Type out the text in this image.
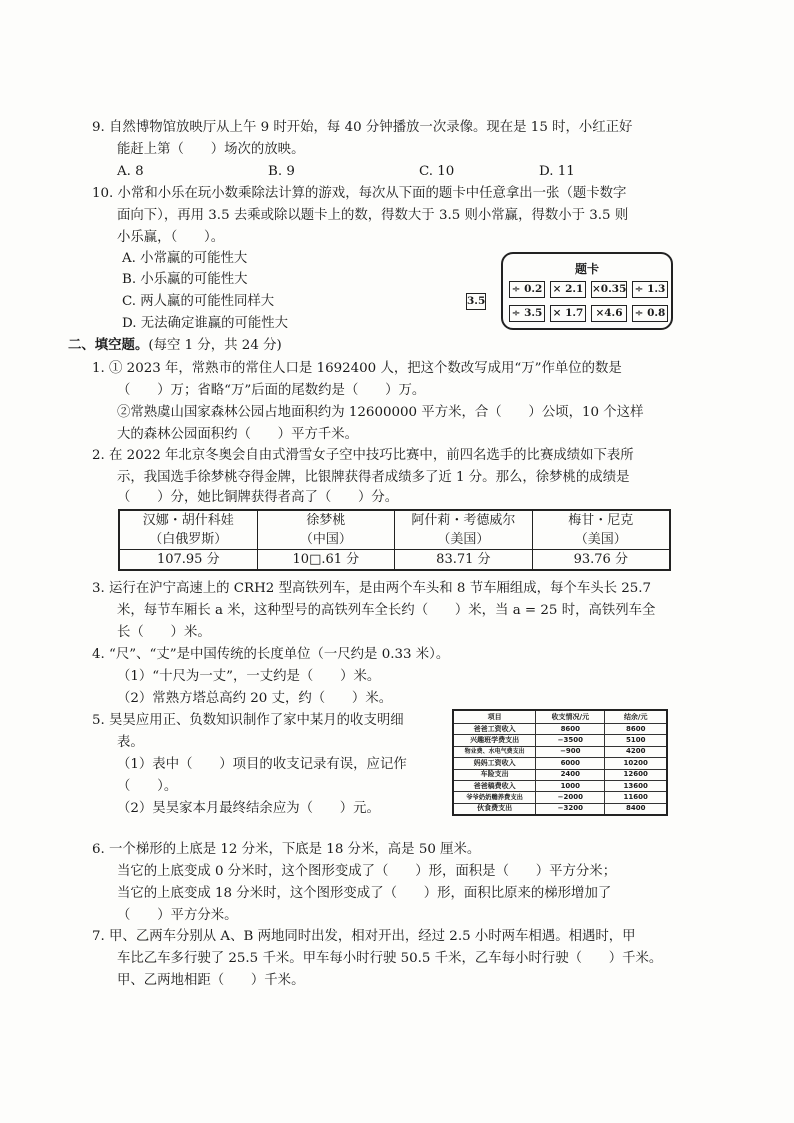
9. 自然博物馆放映厅从上午 9 时开始，每 40 分钟播放一次录像。现在是 15 时，小红正好
能赶上第（　　）场次的放映。
A. 8	B. 9	C. 10	D. 11
10. 小常和小乐在玩小数乘除法计算的游戏，每次从下面的题卡中任意拿出一张（题卡数字
面向下），再用 3.5 去乘或除以题卡上的数，得数大于 3.5 则小常赢，得数小于 3.5 则
小乐赢，（　　）。
A. 小常赢的可能性大
B. 小乐赢的可能性大
C. 两人赢的可能性同样大
D. 无法确定谁赢的可能性大
3.5
题卡
÷ 0.2 × 2.1 ×0.35 ÷ 1.3
÷ 3.5 × 1.7	×4.6	÷ 0.8
二、填空题。(每空 1 分，共 24 分)
1. ① 2023 年，常熟市的常住人口是 1692400 人，把这个数改写成用“万”作单位的数是
（　　）万；省略“万”后面的尾数约是（　　）万。
②常熟虞山国家森林公园占地面积约为 12600000 平方米，合（　　）公顷，10 个这样
大的森林公园面积约（　　）平方千米。
2. 在 2022 年北京冬奥会自由式滑雪女子空中技巧比赛中，前四名选手的比赛成绩如下表所
示，我国选手徐梦桃夺得金牌，比银牌获得者成绩多了近 1 分。那么，徐梦桃的成绩是
（　　）分，她比铜牌获得者高了（　　）分。
汉娜・胡什科娃	徐梦桃	阿什莉・考德威尔	梅甘・尼克
（白俄罗斯）	（中国）	（美国）	（美国）
107.95 分	10□.61 分	83.71 分	93.76 分
3. 运行在沪宁高速上的 CRH2 型高铁列车，是由两个车头和 8 节车厢组成，每个车头长 25.7
米，每节车厢长 a 米，这种型号的高铁列车全长约（　　）米，当 a = 25 时，高铁列车全
长（　　）米。
4. “尺”、“丈”是中国传统的长度单位（一尺约是 0.33 米）。
（1）“十尺为一丈”，一丈约是（　　）米。
（2）常熟方塔总高约 20 丈，约（　　）米。
5. 昊昊应用正、负数知识制作了家中某月的收支明细
表。
（1）表中（　　）项目的收支记录有误，应记作
（　　）。
（2）昊昊家本月最终结余应为（　　）元。
项目	收支情况/元	结余/元
爸爸工资收入	8600	8600
兴趣班学费支出	−3500	5100
物业费、水电气费支出	−900	4200
妈妈工资收入	6000	10200
车险支出	2400	12600
爸爸稿费收入	1000	13600
爷爷奶奶赡养费支出	−2000	11600
伙食费支出	−3200	8400
6. 一个梯形的上底是 12 分米，下底是 18 分米，高是 50 厘米。
当它的上底变成 0 分米时，这个图形变成了（　　）形，面积是（　　）平方分米；
当它的上底变成 18 分米时，这个图形变成了（　　）形，面积比原来的梯形增加了
（　　）平方分米。
7. 甲、乙两车分别从 A、B 两地同时出发，相对开出，经过 2.5 小时两车相遇。相遇时，甲
车比乙车多行驶了 25.5 千米。甲车每小时行驶 50.5 千米，乙车每小时行驶（　　）千米。
甲、乙两地相距（　　）千米。
